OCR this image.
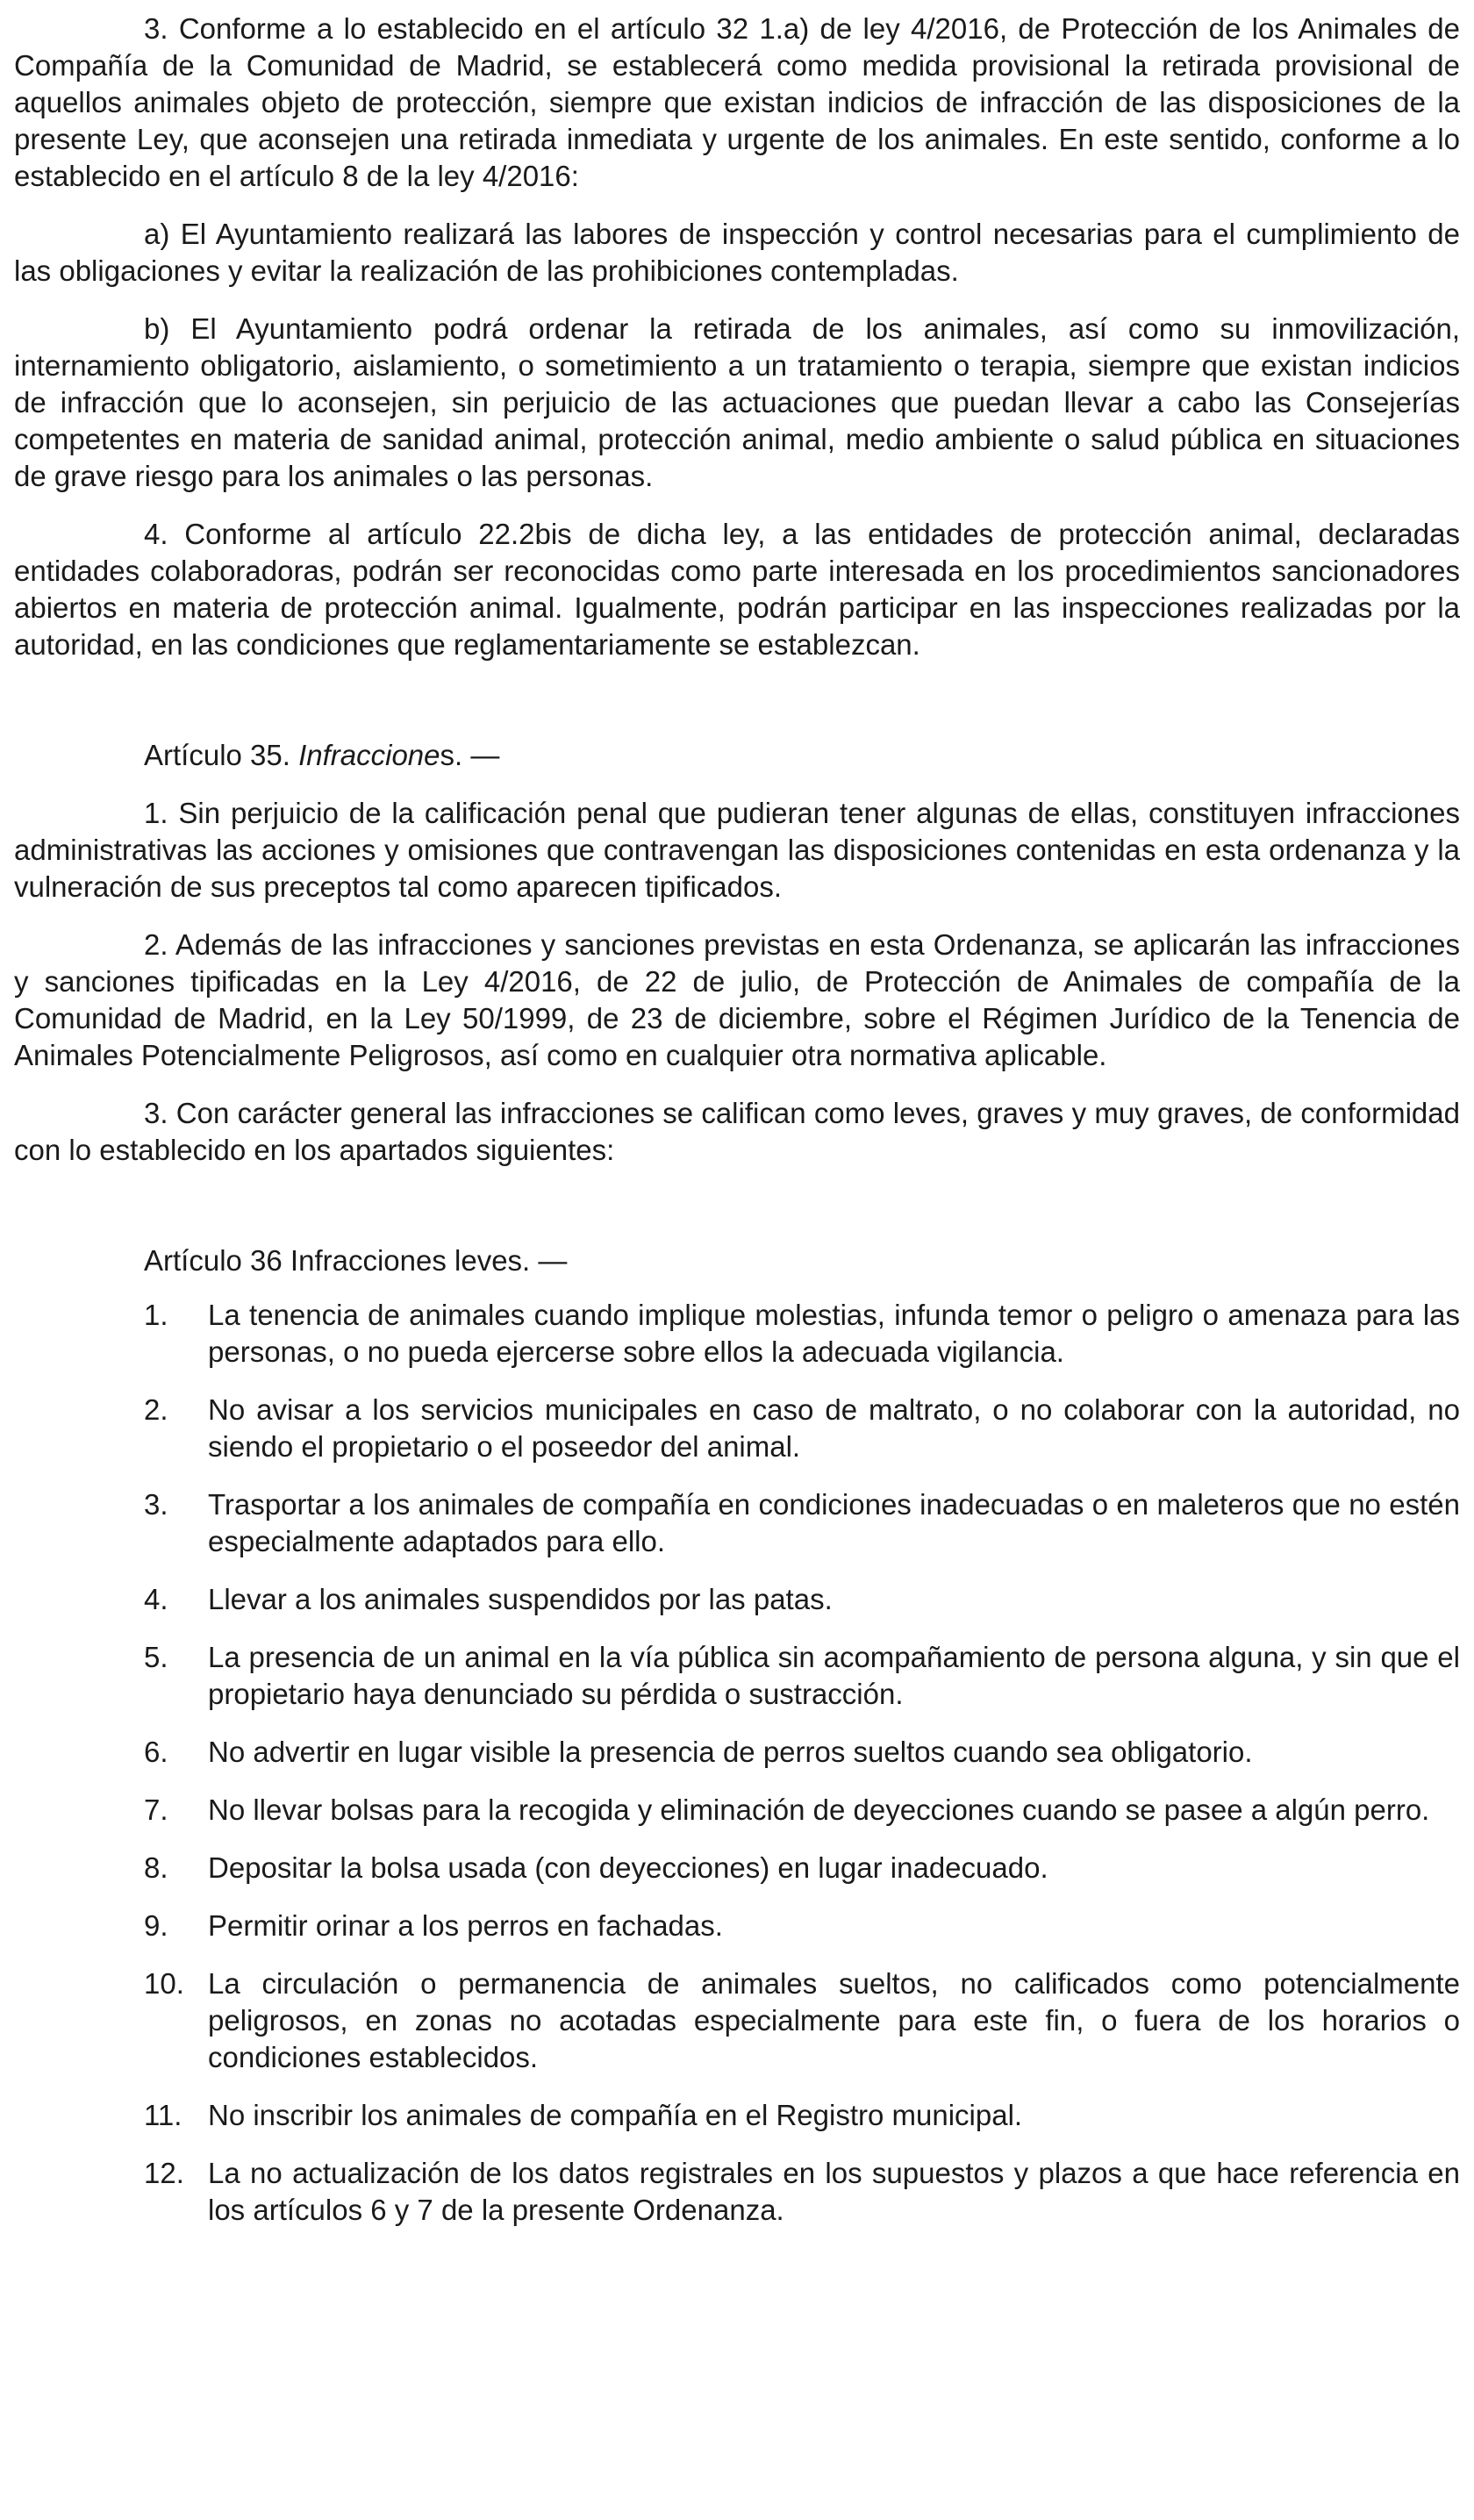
3. Conforme a lo establecido en el artículo 32 1.a) de ley 4/2016, de Protección de los Animales de Compañía de la Comunidad de Madrid, se establecerá como medida provisional la retirada provisional de aquellos animales objeto de protección, siempre que existan indicios de infracción de las disposiciones de la presente Ley, que aconsejen una retirada inmediata y urgente de los animales. En este sentido, conforme a lo establecido en el artículo 8 de la ley 4/2016:

a) El Ayuntamiento realizará las labores de inspección y control necesarias para el cumplimiento de las obligaciones y evitar la realización de las prohibiciones contempladas.

b) El Ayuntamiento podrá ordenar la retirada de los animales, así como su inmovilización, internamiento obligatorio, aislamiento, o sometimiento a un tratamiento o terapia, siempre que existan indicios de infracción que lo aconsejen, sin perjuicio de las actuaciones que puedan llevar a cabo las Consejerías competentes en materia de sanidad animal, protección animal, medio ambiente o salud pública en situaciones de grave riesgo para los animales o las personas.

4. Conforme al artículo 22.2bis de dicha ley, a las entidades de protección animal, declaradas entidades colaboradoras, podrán ser reconocidas como parte interesada en los procedimientos sancionadores abiertos en materia de protección animal. Igualmente, podrán participar en las inspecciones realizadas por la autoridad, en las condiciones que reglamentariamente se establezcan.

Artículo 35. Infracciones. —

1. Sin perjuicio de la calificación penal que pudieran tener algunas de ellas, constituyen infracciones administrativas las acciones y omisiones que contravengan las disposiciones contenidas en esta ordenanza y la vulneración de sus preceptos tal como aparecen tipificados.

2. Además de las infracciones y sanciones previstas en esta Ordenanza, se aplicarán las infracciones y sanciones tipificadas en la Ley 4/2016, de 22 de julio, de Protección de Animales de compañía de la Comunidad de Madrid, en la Ley 50/1999, de 23 de diciembre, sobre el Régimen Jurídico de la Tenencia de Animales Potencialmente Peligrosos, así como en cualquier otra normativa aplicable.

3. Con carácter general las infracciones se califican como leves, graves y muy graves, de conformidad con lo establecido en los apartados siguientes:

Artículo 36 Infracciones leves. —

1.	La tenencia de animales cuando implique molestias, infunda temor o peligro o amenaza para las personas, o no pueda ejercerse sobre ellos la adecuada vigilancia.
2.	No avisar a los servicios municipales en caso de maltrato, o no colaborar con la autoridad, no siendo el propietario o el poseedor del animal.
3.	Trasportar a los animales de compañía en condiciones inadecuadas o en maleteros que no estén especialmente adaptados para ello.
4.	Llevar a los animales suspendidos por las patas.
5.	La presencia de un animal en la vía pública sin acompañamiento de persona alguna, y sin que el propietario haya denunciado su pérdida o sustracción.
6.	No advertir en lugar visible la presencia de perros sueltos cuando sea obligatorio.
7.	No llevar bolsas para la recogida y eliminación de deyecciones cuando se pasee a algún perro.
8.	Depositar la bolsa usada (con deyecciones) en lugar inadecuado.
9.	Permitir orinar a los perros en fachadas.
10. La circulación o permanencia de animales sueltos, no calificados como potencialmente peligrosos, en zonas no acotadas especialmente para este fin, o fuera de los horarios o condiciones establecidos.
11. No inscribir los animales de compañía en el Registro municipal.
12. La no actualización de los datos registrales en los supuestos y plazos a que hace referencia en los artículos 6 y 7 de la presente Ordenanza.
